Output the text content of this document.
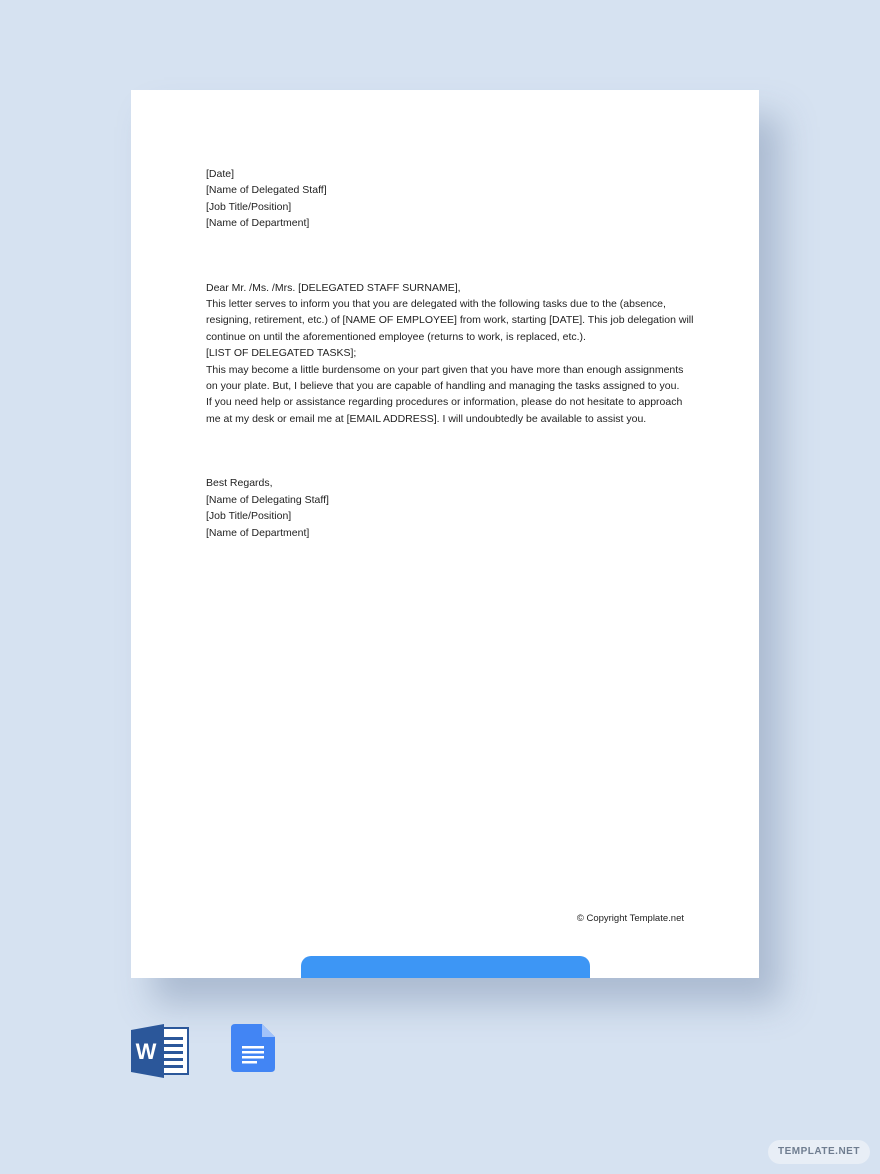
[Date]

[Name of Delegated Staff]

[Job Title/Position]

[Name of Department]

Dear Mr. /Ms. /Mrs. [DELEGATED STAFF SURNAME],

This letter serves to inform you that you are delegated with the following tasks due to the (absence, resigning, retirement, etc.) of [NAME OF EMPLOYEE] from work, starting [DATE]. This job delegation will continue on until the aforementioned employee (returns to work, is replaced, etc.).

[LIST OF DELEGATED TASKS];

This may become a little burdensome on your part given that you have more than enough assignments on your plate. But, I believe that you are capable of handling and managing the tasks assigned to you.

If you need help or assistance regarding procedures or information, please do not hesitate to approach me at my desk or email me at [EMAIL ADDRESS]. I will undoubtedly be available to assist you.

Best Regards,

[Name of Delegating Staff]

[Job Title/Position]

[Name of Department]

© Copyright Template.net
W
TEMPLATE.NET
